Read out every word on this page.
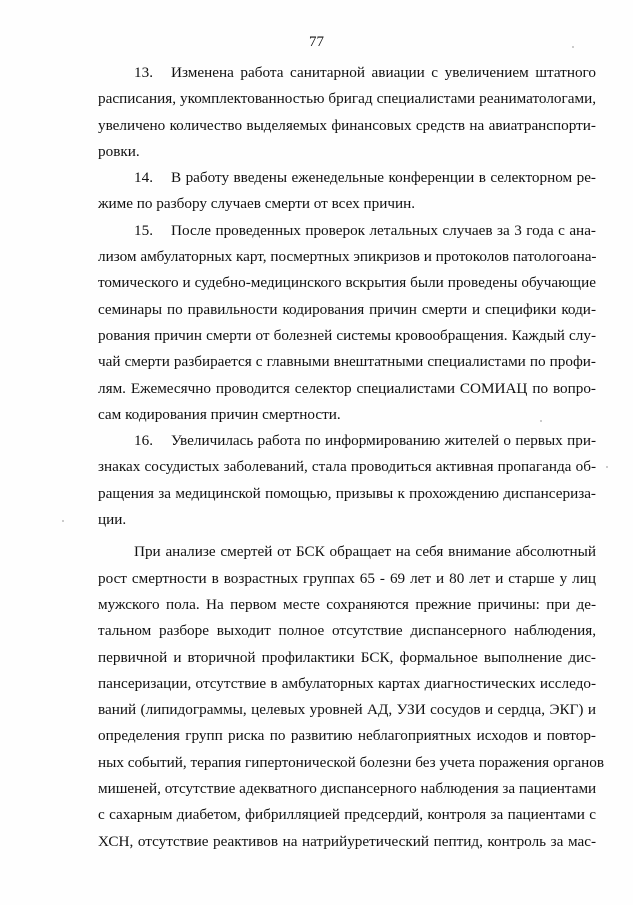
77
13. Изменена работа санитарной авиации с увеличением штатного
расписания, укомплектованностью бригад специалистами реаниматологами,
увеличено количество выделяемых финансовых средств на авиатранспорти-
ровки.
14. В работу введены еженедельные конференции в селекторном ре-
жиме по разбору случаев смерти от всех причин.
15. После проведенных проверок летальных случаев за 3 года с ана-
лизом амбулаторных карт, посмертных эпикризов и протоколов патологоана-
томического и судебно-медицинского вскрытия были проведены обучающие
семинары по правильности кодирования причин смерти и специфики коди-
рования причин смерти от болезней системы кровообращения. Каждый слу-
чай смерти разбирается с главными внештатными специалистами по профи-
лям. Ежемесячно проводится селектор специалистами СОМИАЦ по вопро-
сам кодирования причин смертности.
16. Увеличилась работа по информированию жителей о первых при-
знаках сосудистых заболеваний, стала проводиться активная пропаганда об-
ращения за медицинской помощью, призывы к прохождению диспансериза-
ции.
При анализе смертей от БСК обращает на себя внимание абсолютный
рост смертности в возрастных группах 65 - 69 лет и 80 лет и старше у лиц
мужского пола. На первом месте сохраняются прежние причины: при де-
тальном разборе выходит полное отсутствие диспансерного наблюдения,
первичной и вторичной профилактики БСК, формальное выполнение дис-
пансеризации, отсутствие в амбулаторных картах диагностических исследо-
ваний (липидограммы, целевых уровней АД, УЗИ сосудов и сердца, ЭКГ) и
определения групп риска по развитию неблагоприятных исходов и повтор-
ных событий, терапия гипертонической болезни без учета поражения органов
мишеней, отсутствие адекватного диспансерного наблюдения за пациентами
с сахарным диабетом, фибрилляцией предсердий, контроля за пациентами с
ХСН, отсутствие реактивов на натрийуретический пептид, контроль за мас-
